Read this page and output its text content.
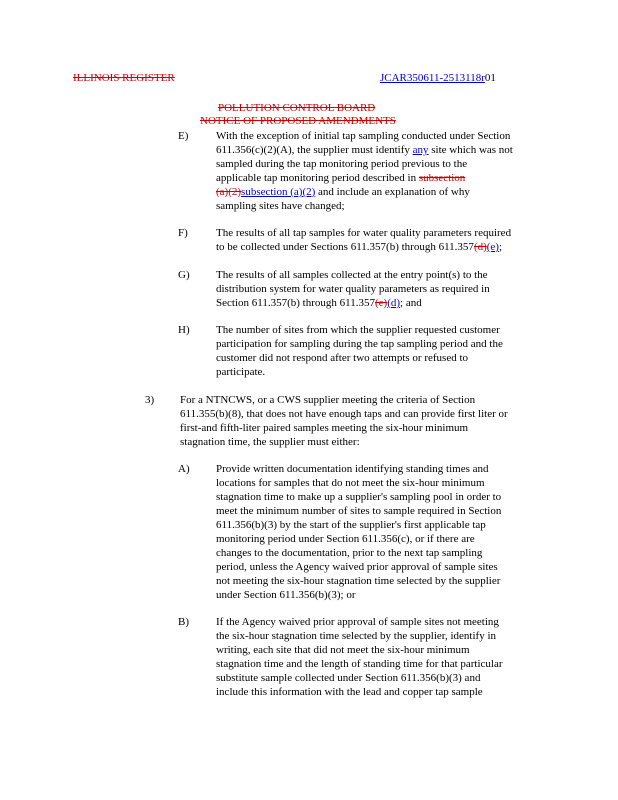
ILLINOIS REGISTER	JCAR350611-2513118r01
POLLUTION CONTROL BOARD
NOTICE OF PROPOSED AMENDMENTS
E)	With the exception of initial tap sampling conducted under Section
611.356(c)(2)(A), the supplier must identify any site which was not
sampled during the tap monitoring period previous to the
applicable tap monitoring period described in subsection
(a)(2)subsection (a)(2) and include an explanation of why
sampling sites have changed;
F)	The results of all tap samples for water quality parameters required
to be collected under Sections 611.357(b) through 611.357(d)(e);
G) The results of all samples collected at the entry point(s) to the
distribution system for water quality parameters as required in
Section 611.357(b) through 611.357(e)(d); and
H) The number of sites from which the supplier requested customer
participation for sampling during the tap sampling period and the
customer did not respond after two attempts or refused to
participate.
3) For a NTNCWS, or a CWS supplier meeting the criteria of Section
611.355(b)(8), that does not have enough taps and can provide first liter or
first-and fifth-liter paired samples meeting the six-hour minimum
stagnation time, the supplier must either:
A) Provide written documentation identifying standing times and
locations for samples that do not meet the six-hour minimum
stagnation time to make up a supplier's sampling pool in order to
meet the minimum number of sites to sample required in Section
611.356(b)(3) by the start of the supplier's first applicable tap
monitoring period under Section 611.356(c), or if there are
changes to the documentation, prior to the next tap sampling
period, unless the Agency waived prior approval of sample sites
not meeting the six-hour stagnation time selected by the supplier
under Section 611.356(b)(3); or
B) If the Agency waived prior approval of sample sites not meeting
the six-hour stagnation time selected by the supplier, identify in
writing, each site that did not meet the six-hour minimum
stagnation time and the length of standing time for that particular
substitute sample collected under Section 611.356(b)(3) and
include this information with the lead and copper tap sample
